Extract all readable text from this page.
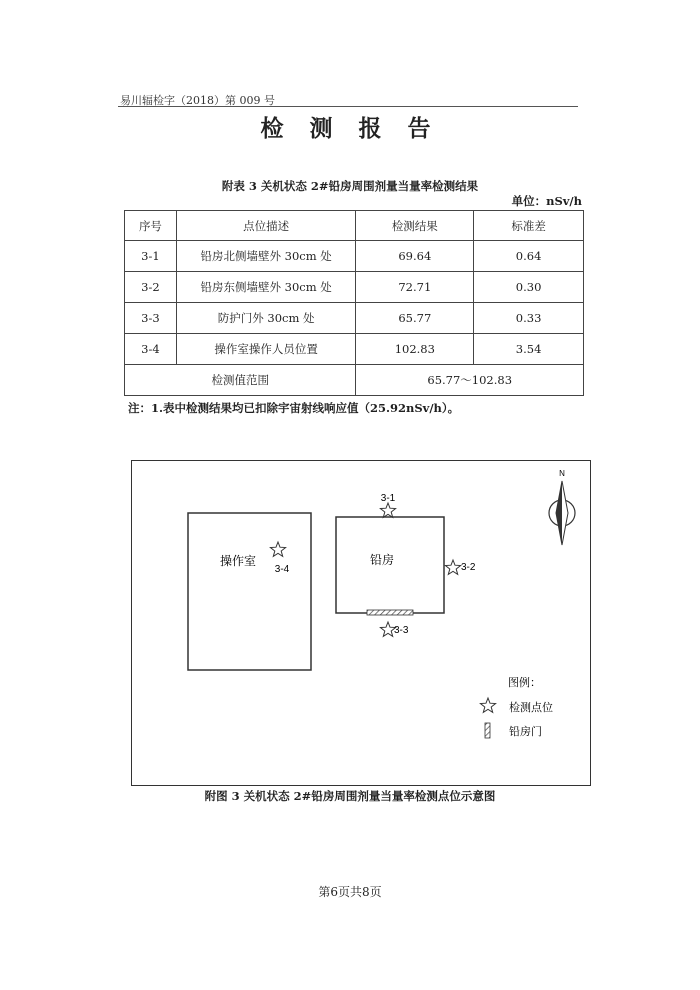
易川辐检字（2018）第 009 号
检 测 报 告
附表 3 关机状态 2#铅房周围剂量当量率检测结果
单位：nSv/h
序号	点位描述	检测结果	标准差
3-1	铅房北侧墙壁外 30cm 处	69.64	0.64
3-2	铅房东侧墙壁外 30cm 处	72.71	0.30
3-3	防护门外 30cm 处	65.77	0.33
3-4	操作室操作人员位置	102.83	3.54
检测值范围		65.77～102.83	
注：1.表中检测结果均已扣除宇宙射线响应值（25.92nSv/h）。
操作室	铅房
3-1
3-2
3-3
3-4
N
图例：
检测点位
铅房门
附图 3 关机状态 2#铅房周围剂量当量率检测点位示意图
第6页共8页
